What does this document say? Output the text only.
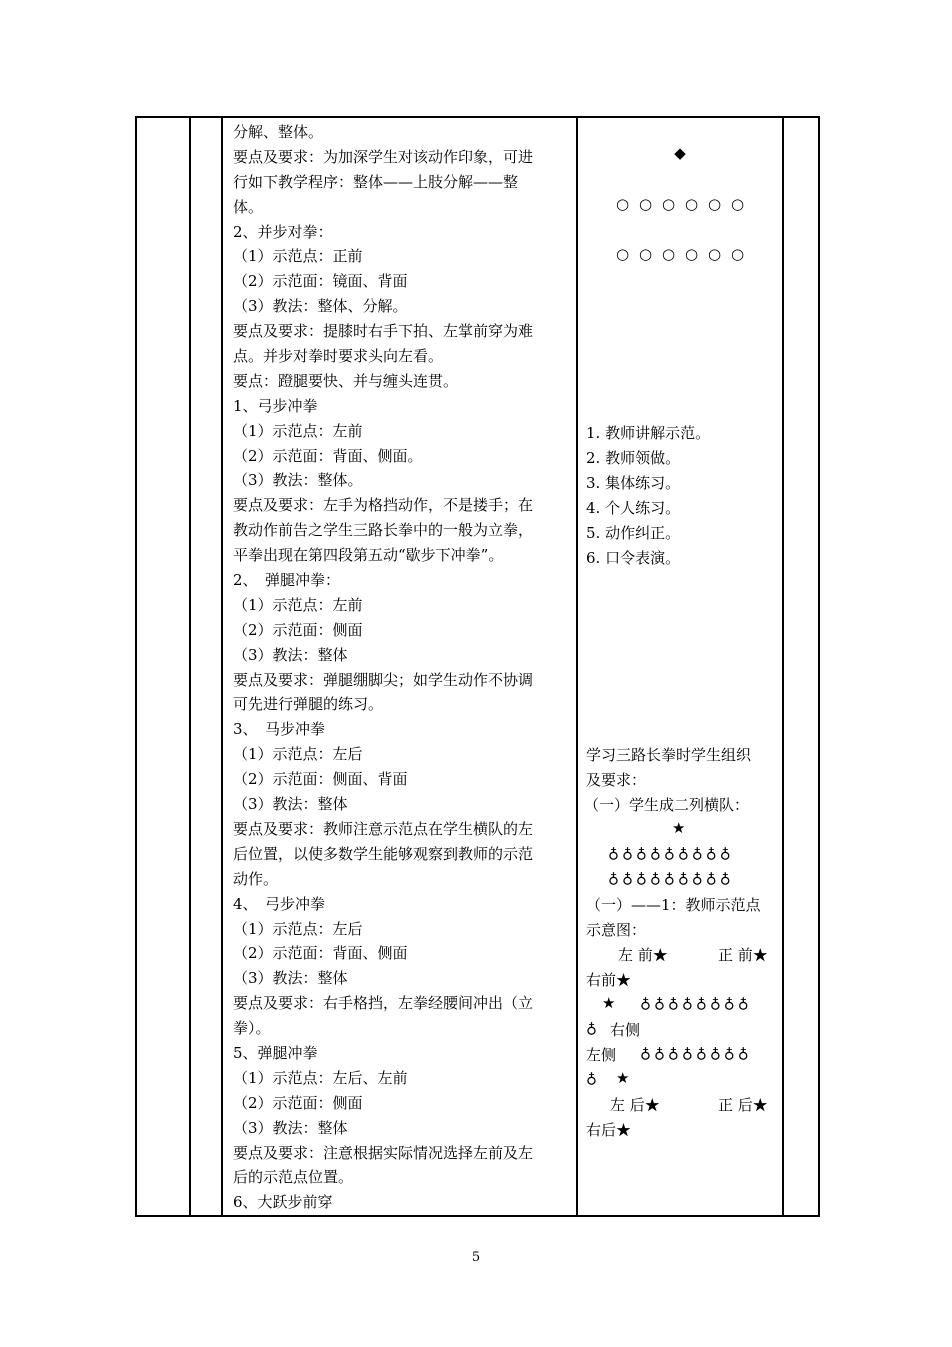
分解、整体。
要点及要求：为加深学生对该动作印象，可进
行如下教学程序：整体——上肢分解——整
体。
2、并步对拳：
（1）示范点：正前
（2）示范面：镜面、背面
（3）教法：整体、分解。
要点及要求：提膝时右手下拍、左掌前穿为难
点。并步对拳时要求头向左看。
要点：蹬腿要快、并与缠头连贯。
1、弓步冲拳
（1）示范点：左前
（2）示范面：背面、侧面。
（3）教法：整体。
要点及要求：左手为格挡动作，不是搂手；在
教动作前告之学生三路长拳中的一般为立拳，
平拳出现在第四段第五动“歇步下冲拳”。
2、　弹腿冲拳：
（1）示范点：左前
（2）示范面：侧面
（3）教法：整体
要点及要求：弹腿绷脚尖；如学生动作不协调
可先进行弹腿的练习。
3、　马步冲拳
（1）示范点：左后
（2）示范面：侧面、背面
（3）教法：整体
要点及要求：教师注意示范点在学生横队的左
后位置，以使多数学生能够观察到教师的示范
动作。
4、　弓步冲拳
（1）示范点：左后
（2）示范面：背面、侧面
（3）教法：整体
要点及要求：右手格挡，左拳经腰间冲出（立
拳）。
5、弹腿冲拳
（1）示范点：左后、左前
（2）示范面：侧面
（3）教法：整体
要点及要求：注意根据实际情况选择左前及左
后的示范点位置。
6、大跃步前穿

◆
○ ○ ○ ○ ○ ○
○ ○ ○ ○ ○ ○
1. 教师讲解示范。
2. 教师领做。
3. 集体练习。
4. 个人练习。
5. 动作纠正。
6. 口令表演。
学习三路长拳时学生组织
及要求：
（一）学生成二列横队：
★
♁♁♁♁♁♁♁♁♁
♁♁♁♁♁♁♁♁♁
（一）——1：教师示范点
示意图：
左 前★	正 前★
右前★
★ ♁♁♁♁♁♁♁♁
♁ 右侧
左侧 ♁♁♁♁♁♁♁♁
♁ ★
左 后★	正 后★
右后★

5
